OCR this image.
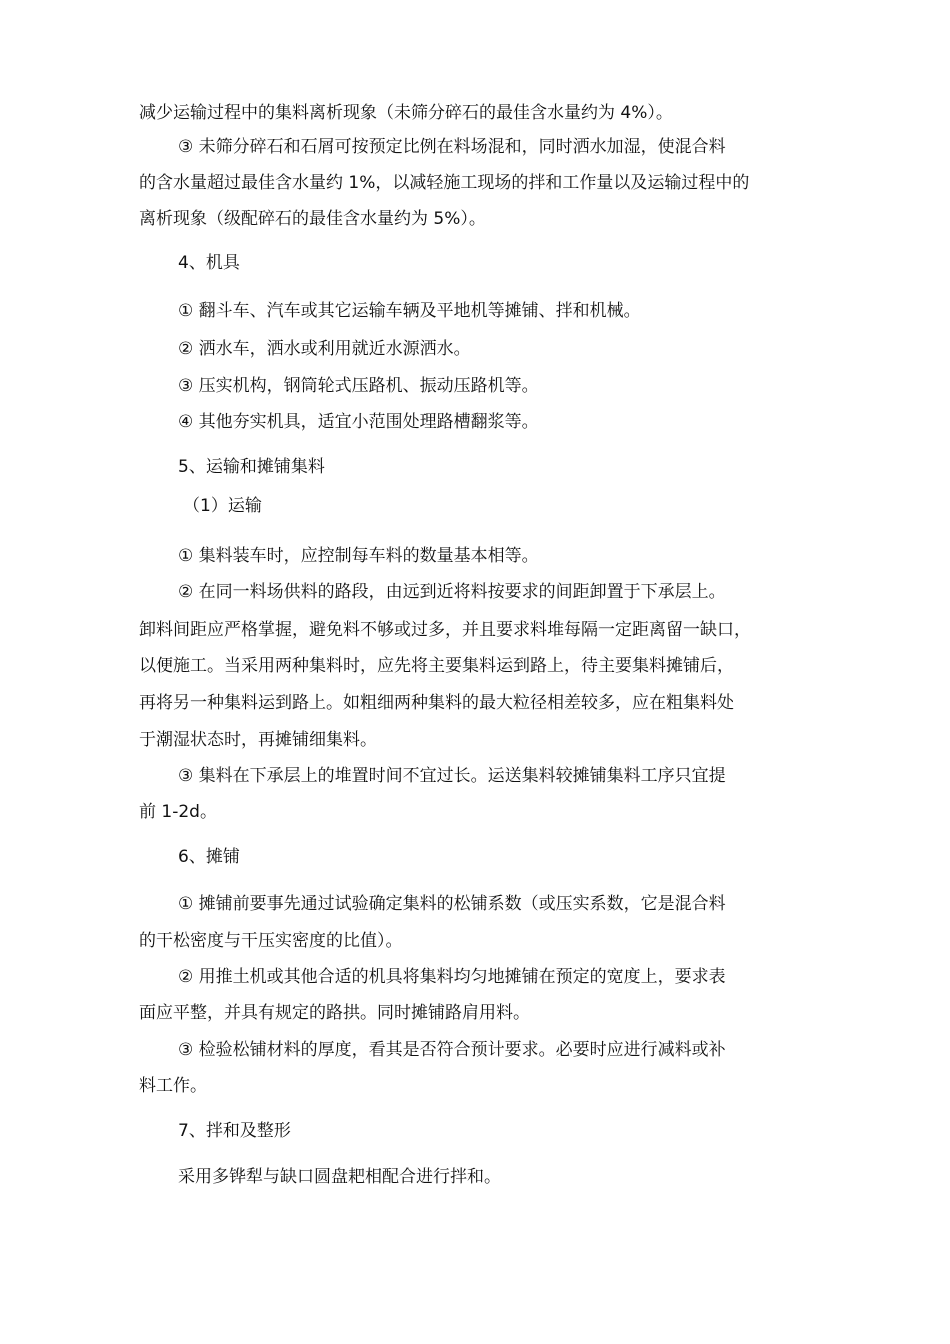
减少运输过程中的集料离析现象（未筛分碎石的最佳含水量约为 4%）。
③ 未筛分碎石和石屑可按预定比例在料场混和，同时洒水加湿，使混合料
的含水量超过最佳含水量约 1%，以减轻施工现场的拌和工作量以及运输过程中的
离析现象（级配碎石的最佳含水量约为 5%）。
4、机具
① 翻斗车、汽车或其它运输车辆及平地机等摊铺、拌和机械。
② 洒水车，洒水或利用就近水源洒水。
③ 压实机构，钢筒轮式压路机、振动压路机等。
④ 其他夯实机具，适宜小范围处理路槽翻浆等。
5、运输和摊铺集料
（1）运输
① 集料装车时，应控制每车料的数量基本相等。
② 在同一料场供料的路段，由远到近将料按要求的间距卸置于下承层上。
卸料间距应严格掌握，避免料不够或过多，并且要求料堆每隔一定距离留一缺口，
以便施工。当采用两种集料时，应先将主要集料运到路上，待主要集料摊铺后，
再将另一种集料运到路上。如粗细两种集料的最大粒径相差较多，应在粗集料处
于潮湿状态时，再摊铺细集料。
③ 集料在下承层上的堆置时间不宜过长。运送集料较摊铺集料工序只宜提
前 1-2d。
6、摊铺
① 摊铺前要事先通过试验确定集料的松铺系数（或压实系数，它是混合料
的干松密度与干压实密度的比值）。
② 用推土机或其他合适的机具将集料均匀地摊铺在预定的宽度上，要求表
面应平整，并具有规定的路拱。同时摊铺路肩用料。
③ 检验松铺材料的厚度，看其是否符合预计要求。必要时应进行减料或补
料工作。
7、拌和及整形
采用多铧犁与缺口圆盘耙相配合进行拌和。
